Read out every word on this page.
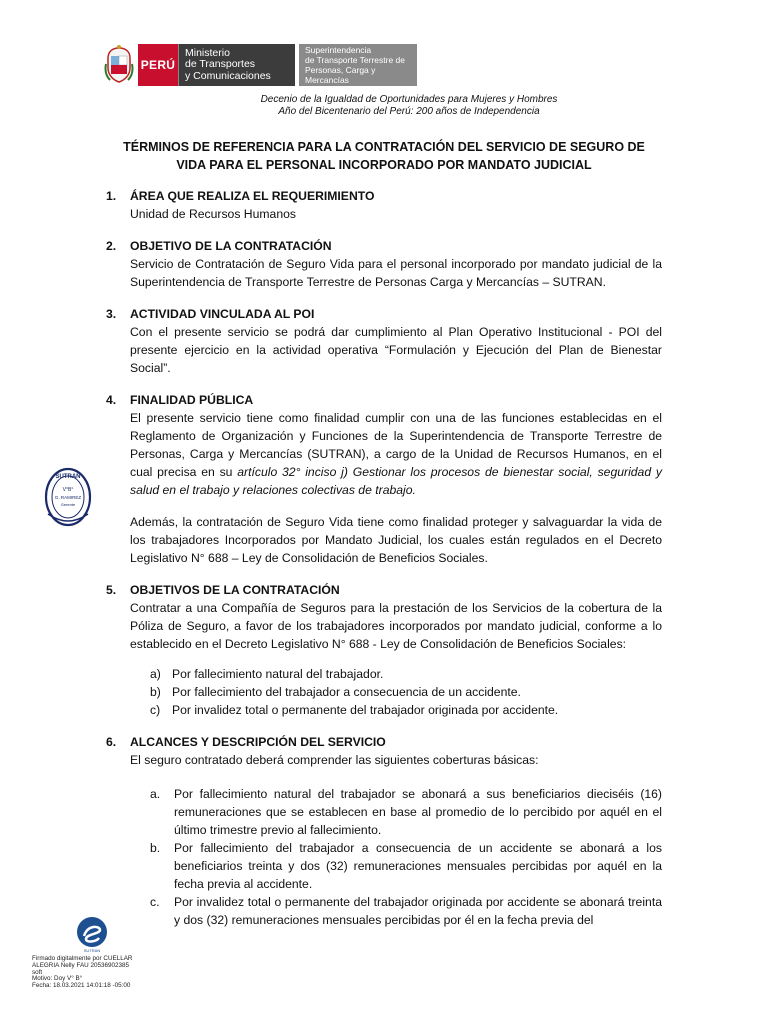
PERÚ
Ministerio
de Transportes
y Comunicaciones
Superintendencia
de Transporte Terrestre de
Personas, Carga y Mercancías
Decenio de la Igualdad de Oportunidades para Mujeres y Hombres
Año del Bicentenario del Perú: 200 años de Independencia
TÉRMINOS DE REFERENCIA PARA LA CONTRATACIÓN DEL SERVICIO DE SEGURO DE
VIDA PARA EL PERSONAL INCORPORADO POR MANDATO JUDICIAL
1.	ÁREA QUE REALIZA EL REQUERIMIENTO

Unidad de Recursos Humanos

2.	OBJETIVO DE LA CONTRATACIÓN

Servicio de Contratación de Seguro Vida para el personal incorporado por mandato judicial de la Superintendencia de Transporte Terrestre de Personas Carga y Mercancías – SUTRAN.

3.	ACTIVIDAD VINCULADA AL POI

Con el presente servicio se podrá dar cumplimiento al Plan Operativo Institucional - POI del presente ejercicio en la actividad operativa “Formulación y Ejecución del Plan de Bienestar Social”.

4.	FINALIDAD PÚBLICA

El presente servicio tiene como finalidad cumplir con una de las funciones establecidas en el Reglamento de Organización y Funciones de la Superintendencia de Transporte Terrestre de Personas, Carga y Mercancías (SUTRAN), a cargo de la Unidad de Recursos Humanos, en el cual precisa en su artículo 32° inciso j) Gestionar los procesos de bienestar social, seguridad y salud en el trabajo y relaciones colectivas de trabajo.

Además, la contratación de Seguro Vida tiene como finalidad proteger y salvaguardar la vida de los trabajadores Incorporados por Mandato Judicial, los cuales están regulados en el Decreto Legislativo N° 688 – Ley de Consolidación de Beneficios Sociales.

5.	OBJETIVOS DE LA CONTRATACIÓN

Contratar a una Compañía de Seguros para la prestación de los Servicios de la cobertura de la Póliza de Seguro, a favor de los trabajadores incorporados por mandato judicial, conforme a lo establecido en el Decreto Legislativo N° 688 - Ley de Consolidación de Beneficios Sociales:

a) Por fallecimiento natural del trabajador.
b) Por fallecimiento del trabajador a consecuencia de un accidente.
c) Por invalidez total o permanente del trabajador originada por accidente.
6.	ALCANCES Y DESCRIPCIÓN DEL SERVICIO

El seguro contratado deberá comprender las siguientes coberturas básicas:

a.	Por fallecimiento natural del trabajador se abonará a sus beneficiarios dieciséis (16) remuneraciones que se establecen en base al promedio de lo percibido por aquél en el último trimestre previo al fallecimiento.
b.	Por fallecimiento del trabajador a consecuencia de un accidente se abonará a los beneficiarios treinta y dos (32) remuneraciones mensuales percibidas por aquél en la fecha previa al accidente.
c.	Por invalidez total o permanente del trabajador originada por accidente se abonará treinta y dos (32) remuneraciones mensuales percibidas por él en la fecha previa del
SUTRAN
V°B°
G. RAMIREZ
Gerente
SUTRAN
Firmado digitalmente por CUELLAR
ALEGRIA Nelly FAU 20536902385
soft
Motivo: Doy V° B°
Fecha: 18.03.2021 14:01:18 -05:00
